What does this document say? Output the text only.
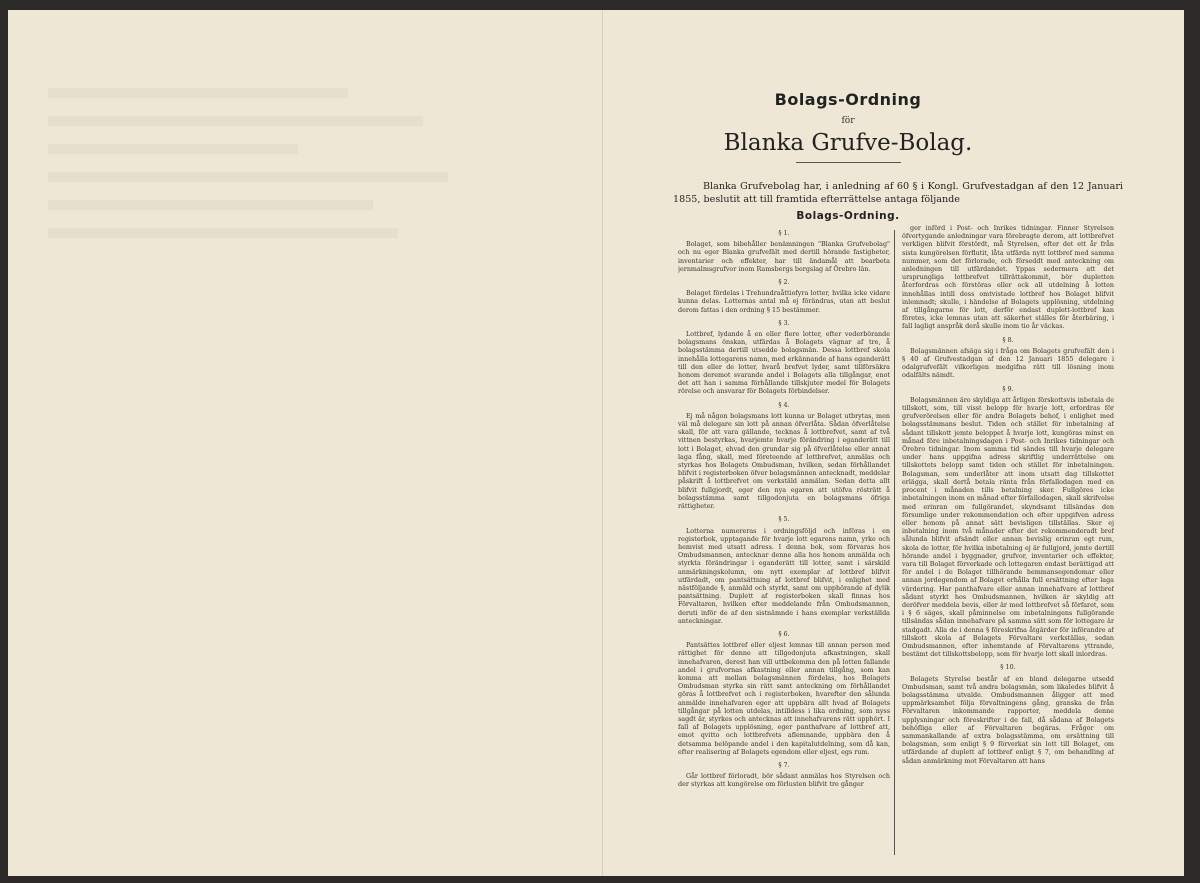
Bolags-Ordning
för
Blanka Grufve-Bolag.

Blanka Grufvebolag har, i anledning af 60 § i Kongl. Grufvestadgan af den 12 Januari 1855, beslutit att till framtida efterrättelse antaga följande

Bolags-Ordning.
§ 1.

Bolaget, som bibehåller benämningen "Blanka Grufvebolag" och nu eger Blanka grufvefält med dertill hörande fastigheter, inventarier och effekter, har till ändamål att bearbeta jernmalmsgrufvor inom Ramsbergs bergslag af Örebro län.

§ 2.

Bolaget fördelas i Trehundraåttiofyra lotter, hvilka icke vidare kunna delas. Lotternas antal må ej förändras, utan att beslut derom fattas i den ordning § 15 bestämmer.

§ 3.

Lottbref, lydande å en eller flere lotter, efter vederbörande bolagsmans önskan, utfärdas å Bolagets vägnar af tre, å bolagsstämma dertill utsedde bolagsmän. Dessa lottbref skola innehålla lottegarens namn, med erkännande af hans eganderätt till den eller de lotter, hvarå brefvet lyder, samt tillförsäkra honom deremot svarande andel i Bolagets alla tillgångar, enot det att han i samma förhållande tillskjuter medel för Bolagets rörelse och ansvarar för Bolagets förbindelser.

§ 4.

Ej må någon bolagsmans lott kunna ur Bolaget utbrytas, men väl må delegare sin lott på annan öfverlåta. Sådan öfverlåtelse skall, för att vara gällande, tecknas å lottbrefvet, samt af två vittnen bestyrkas, hvarjemte hvarje förändring i eganderätt till lott i Bolaget, ehvad den grundar sig på öfverlåtelse eller annat laga fång, skall, med företeende af lottbrefvet, anmälas och styrkas hos Bolagets Ombudsman, hvilken, sedan förhållandet blifvit i registerboken öfver bolagsmännen antecknadt, meddelar påskrift å lottbrefvet om verkstäld anmälan. Sedan detta allt blifvit fullgjordt, eger den nya egaren att utöfva rösträtt å bolagsstämma samt tillgodonjuta en bolagsmans öfriga rättigheter.

§ 5.

Lotterna numereras i ordningsföljd och införas i en registerbok, upptagande för hvarje lott egarens namn, yrke och hemvist med utsatt adress. I denna bok, som förvaras hos Ombudsmannen, antecknar denne alla hos honom anmälda och styrkta förändringar i eganderätt till lotter, samt i särskild anmärkningskolumn, om nytt exemplar af lottbref blifvit utfärdadt, om pantsättning af lottbref blifvit, i enlighet med nästföljande §, anmäld och styrkt, samt om upphörande af dylik pantsättning. Duplett af registerboken skall finnas hos Förvaltaren, hvilken efter meddelande från Ombudsmannen, deruti inför de af den sistnämnde i hans exemplar verkställda anteckningar.

§ 6.

Pantsättes lottbref eller eljest lemnas till annan person med rättighet för denne att tillgodonjuta afkastningen, skall innehafvaren, derest han vill uttbekomma den på lotten fallande andel i grufvornas afkastning eller annan tillgång, som kan komma att mellan bolagsmännen fördelas, hos Bolagets Ombudsman styrka sin rätt samt anteckning om förhållandet göras å lottbrefvet och i registerboken, hvarefter den sålunda anmälde innehafvaren eger att uppbära allt hvad af Bolagets tillgångar på lotten utdelas, intilldess i lika ordning, som nyss sagdt är, styrkes och antecknas att innehafvarens rätt upphört. I fall af Bolagets upplösning, eger panthafvare af lottbref att, emot qvitto och lottbrefvets aflemnande, uppbära den å detsamma belöpande andel i den kapitalutdelning, som då kan, efter realisering af Bolagets egendom eller eljest, egs rum.

§ 7.

Går lottbref förloradt, bör sådant anmälas hos Styrelsen och der styrkas att kungörelse om förlusten blifvit tre gånger

ger införd i Post- och Inrikes tidningar. Finner Styrelsen öfvertygande anledningar vara förebragte derom, att lottbrefvet verkligen blifvit förstördt, må Styrelsen, efter det ett år från sista kungörelsen förflutit, låta utfärda nytt lottbref med samma nummer, som det förlorade, och förseddt med anteckning om anledningen till utfärdandet. Yppas sedermera att det ursprungliga lottbrefvet tillrättakommit, bör dupletten återfordras och förstöras eller ock all utdelning å lotten innehållas intill dess omtvistade lottbref hos Bolaget blifvit inlemnadt; skulle, i händelse af Bolagets upplösning, utdelning af tillgångarne för lott, derför endast duplett-lottbref kan företes, icke lemnas utan att säkerhet ställes för återbäring, i fall lagligt anspråk derå skulle inom tio år väckas.

§ 8.

Bolagsmännen afsäga sig i fråga om Bolagets grufvefält den i § 40 af Grufvestadgan af den 12 Januari 1855 delegare i odalgrufvefält vilkorligen medgifna rätt till lösning inom odalfälts nämdt.

§ 9.

Bolagsmännen äro skyldiga att årligen förskottsvis inbetala de tillskott, som, till visst belopp för hvarje lott, erfordras för grufverörelsen eller för andra Bolagets behof, i enlighet med bolagsstämmans beslut. Tiden och stället för inbetalning af sådant tillskott jemte beloppet å hvarje lott, kungöras minst en månad före inbetalningsdagen i Post- och Inrikes tidningar och Örebro tidningar. Inom samma tid sändes till hvarje delegare under hans uppgifna adress skriftlig underrättelse om tillskottets belopp samt tiden och stället för inbetalningen. Bolagsman, som underlåter att inom utsatt dag tillskottet erlägga, skall dertå betala ränta från förfallodagen med en procent i månaden tills betalning sker. Fullgöres icke inbetalningen inom en månad efter förfallodagen, skall skrifvelse med erinran om fullgörandet, skyndsamt tillsändas den försumlige under rekommendation och efter uppgifven adress eller honom på annat sätt bevisligen tillställas. Sker ej inbetalning inom två månader efter det rekommenderadt bref sålunda blifvit afsändt eller annan bevislig erinran egt rum, skola de lotter, för hvilka inbetalning ej är fullgjord, jemte dertill hörande andel i byggnader, grufvor, inventarier och effekter, vara till Bolaget förverkade och lottegaren endast berättigad att för andel i de Bolaget tillhörande hemmansegendomar eller annan jordegendom af Bolaget erhålla full ersättning efter laga värdering. Har panthafvare eller annan innehafvare af lottbref sådant styrkt hos Ombudsmannen, hvilken är skyldig att deröfver meddela bevis, eller är med lottbrefvet så förfaret, som i § 6 säges, skall påminnelse om inbetalningens fullgörande tillsändas sådan innehafvare på samma sätt som för lottegare är stadgadt. Alla de i denna § föreskrifna åtgärder för införandre af tillskott skola af Bolagets Förvaltare verkställas, sedan Ombudsmannen, efter inhemtande af Förvaltarens yttrande, bestämt det tillskottsbelopp, som för hvarje lott skall inlordras.

§ 10.

Bolagets Styrelse består af en bland delegarne utsedd Ombudsman, samt två andra bolagsmän, som likaledes blifvit å bolagsstämma utvalde. Ombudsmannen åligger att med uppmärksamhet följa förvaltningens gång, granska de från Förvaltaren inkommande rapporter, meddela denne upplysningar och föreskrifter i de fall, då sådana af Bolagets behöfliga eller af Förvaltaren begäras. Frågor om sammankallande af extra bolagsstämma, om ersättning till bolagsman, som enligt § 9 förverkat sin lott till Bolaget, om utfärdande af duplett af lottbref enligt § 7, om behandling af sådan anmärkning mot Förvaltaren att hans
